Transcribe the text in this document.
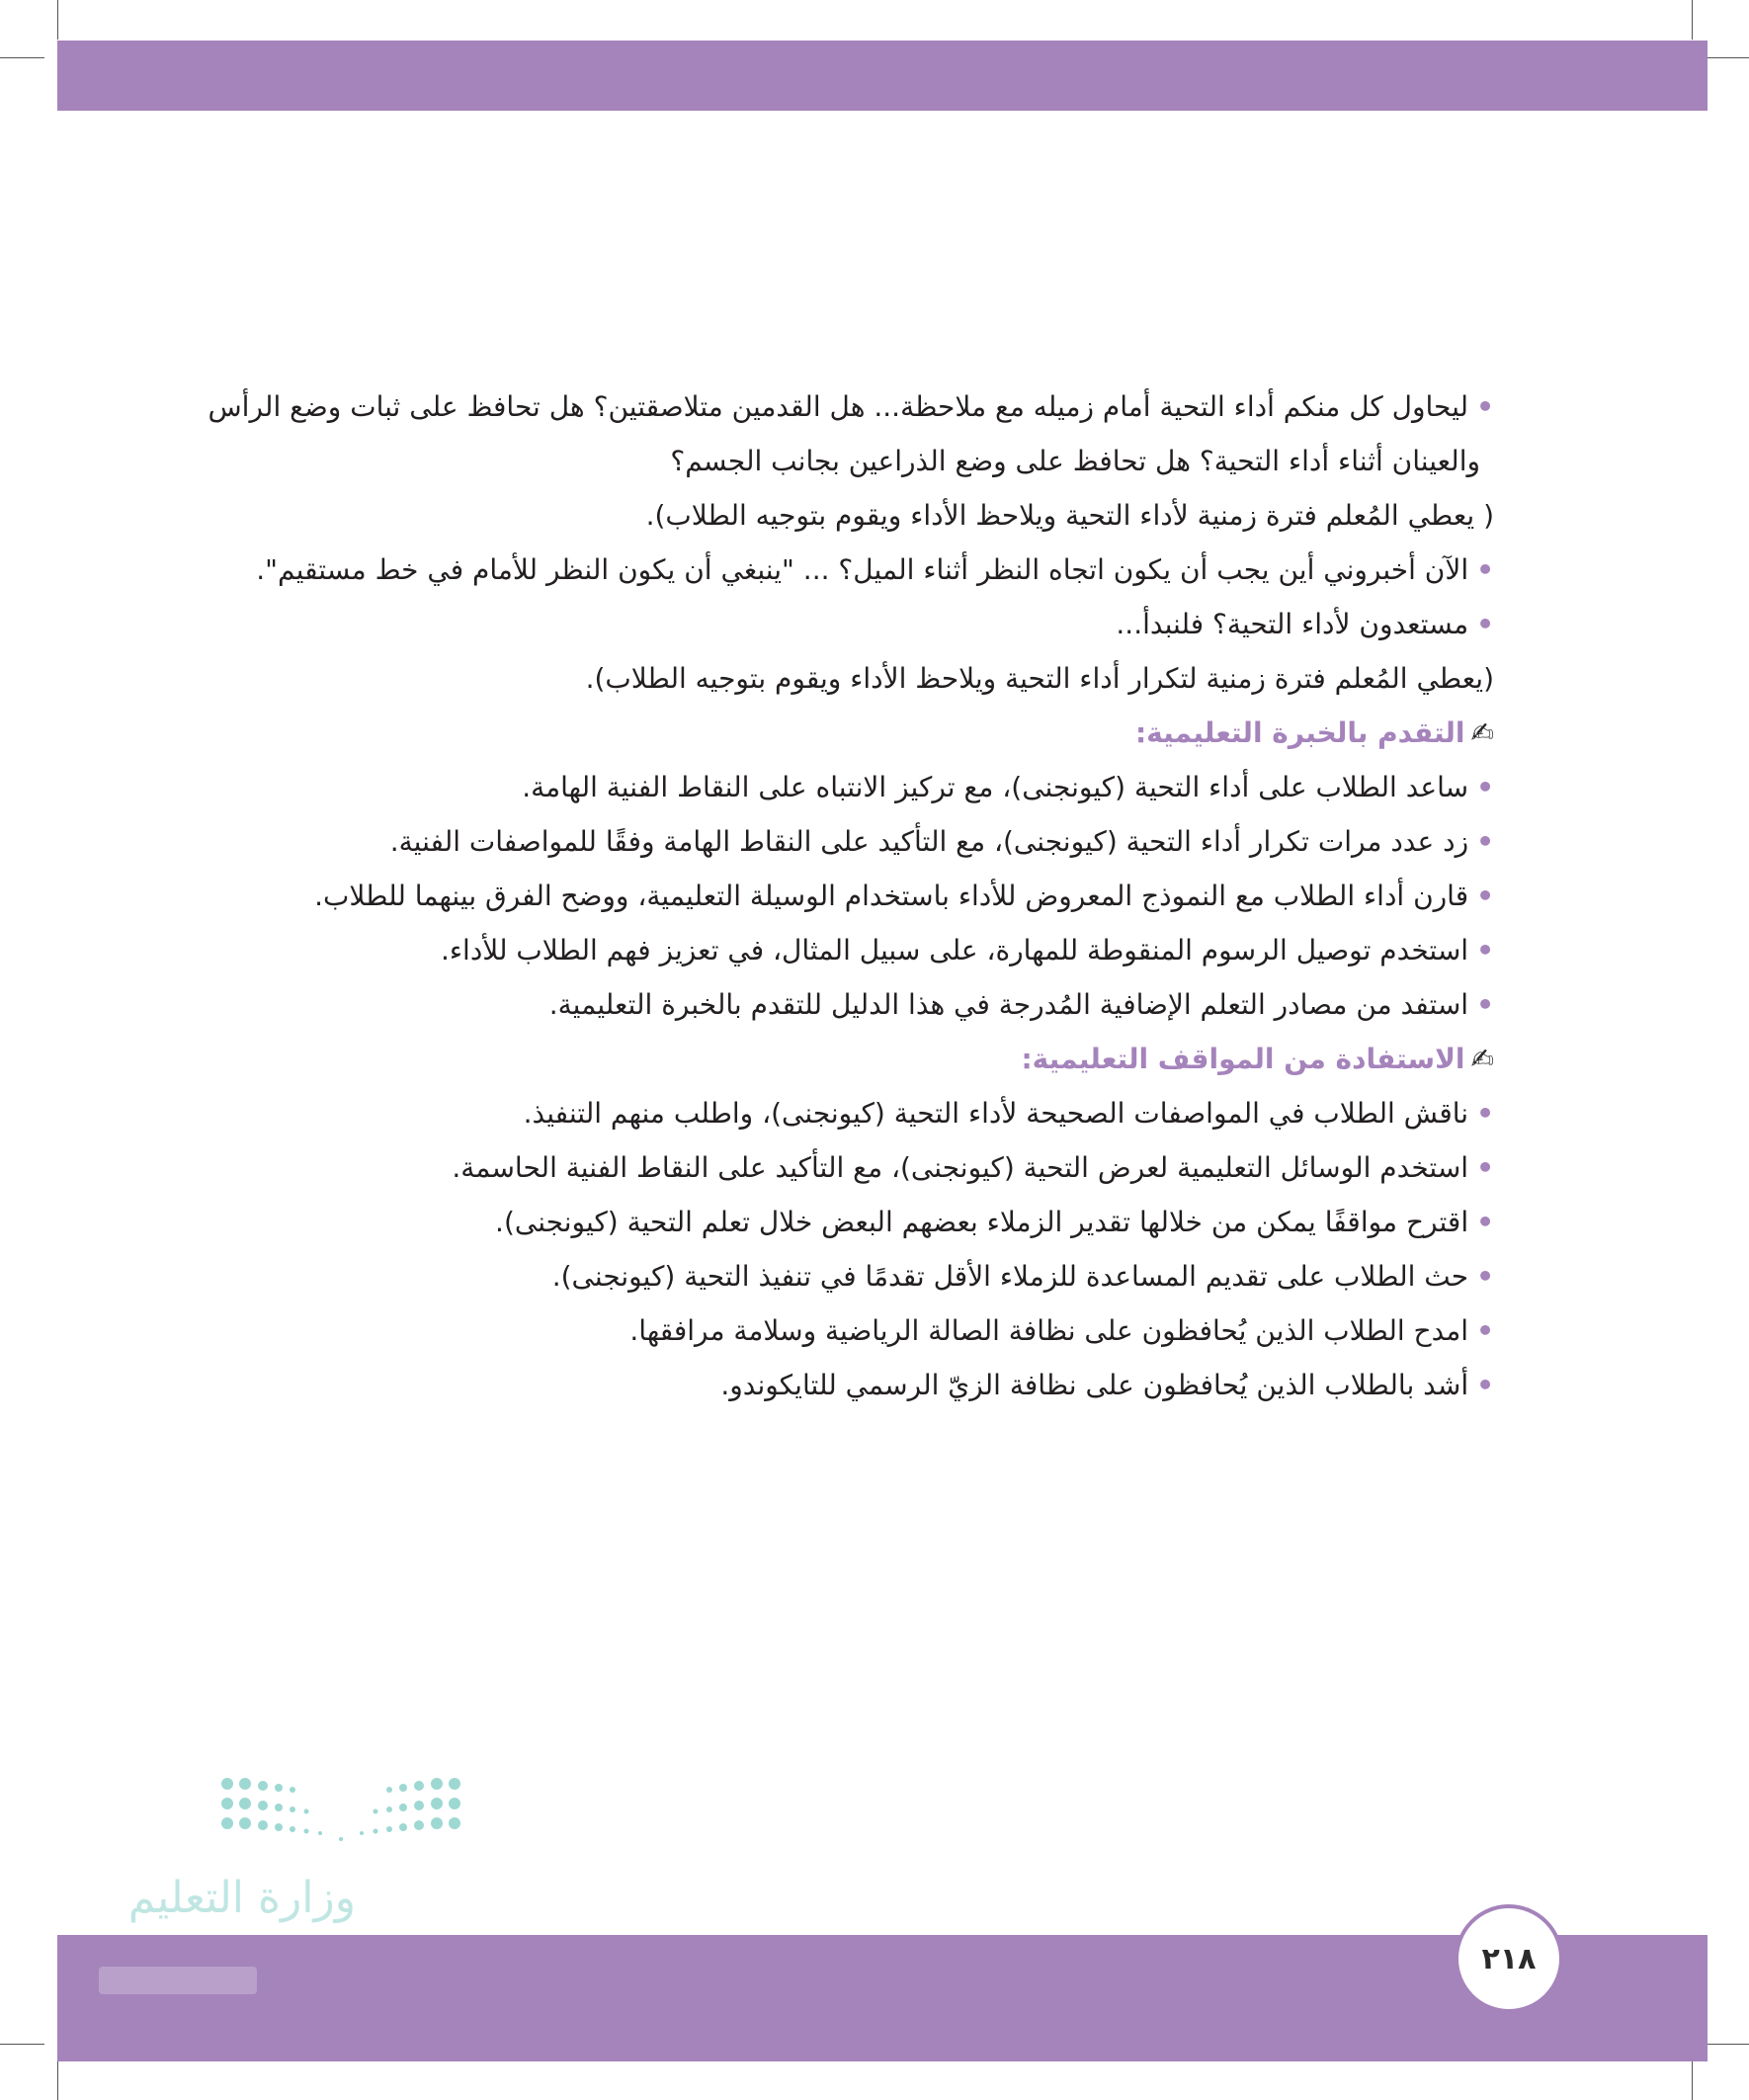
•ليحاول كل منكم أداء التحية أمام زميله مع ملاحظة... هل القدمين متلاصقتين؟ هل تحافظ على ثبات وضع الرأس
والعينان أثناء أداء التحية؟ هل تحافظ على وضع الذراعين بجانب الجسم؟
( يعطي المُعلم فترة زمنية لأداء التحية ويلاحظ الأداء ويقوم بتوجيه الطلاب).
•الآن أخبروني أين يجب أن يكون اتجاه النظر أثناء الميل؟ ... "ينبغي أن يكون النظر للأمام في خط مستقيم".
•مستعدون لأداء التحية؟ فلنبدأ...
(يعطي المُعلم فترة زمنية لتكرار أداء التحية ويلاحظ الأداء ويقوم بتوجيه الطلاب).
✍التقدم بالخبرة التعليمية:
•ساعد الطلاب على أداء التحية (كيونجنى)، مع تركيز الانتباه على النقاط الفنية الهامة.
•زد عدد مرات تكرار أداء التحية (كيونجنى)، مع التأكيد على النقاط الهامة وفقًا للمواصفات الفنية.
•قارن أداء الطلاب مع النموذج المعروض للأداء باستخدام الوسيلة التعليمية، ووضح الفرق بينهما للطلاب.
•استخدم توصيل الرسوم المنقوطة للمهارة، على سبيل المثال، في تعزيز فهم الطلاب للأداء.
•استفد من مصادر التعلم الإضافية المُدرجة في هذا الدليل للتقدم بالخبرة التعليمية.
✍الاستفادة من المواقف التعليمية:
•ناقش الطلاب في المواصفات الصحيحة لأداء التحية (كيونجنى)، واطلب منهم التنفيذ.
•استخدم الوسائل التعليمية لعرض التحية (كيونجنى)، مع التأكيد على النقاط الفنية الحاسمة.
•اقترح مواقفًا يمكن من خلالها تقدير الزملاء بعضهم البعض خلال تعلم التحية (كيونجنى).
•حث الطلاب على تقديم المساعدة للزملاء الأقل تقدمًا في تنفيذ التحية (كيونجنى).
•امدح الطلاب الذين يُحافظون على نظافة الصالة الرياضية وسلامة مرافقها.
•أشد بالطلاب الذين يُحافظون على نظافة الزيّ الرسمي للتايكوندو.
وزارة التعليم
٢١٨
